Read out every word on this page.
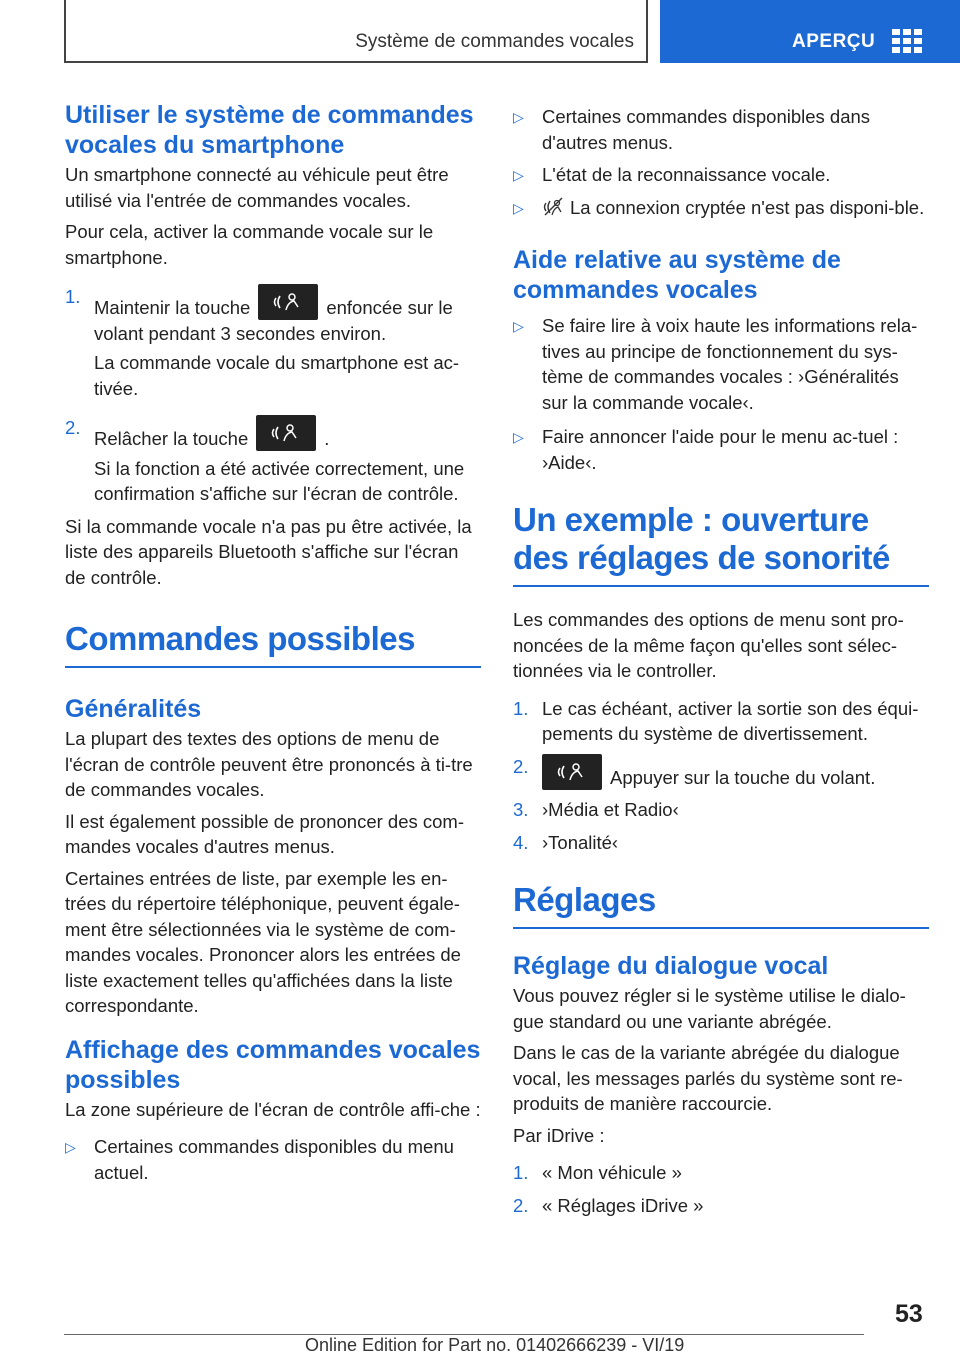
Système de commandes vocales	APERÇU
Utiliser le système de commandes vocales du smartphone

Un smartphone connecté au véhicule peut être utilisé via l'entrée de commandes vocales.

Pour cela, activer la commande vocale sur le smartphone.

1.
Maintenir la touche	enfoncée sur le volant pendant 3 secondes environ.
La commande vocale du smartphone est ac-tivée.
2.
Relâcher la touche	.
Si la fonction a été activée correctement, une confirmation s'affiche sur l'écran de contrôle.

Si la commande vocale n'a pas pu être activée, la liste des appareils Bluetooth s'affiche sur l'écran de contrôle.

Commandes possibles
Généralités

La plupart des textes des options de menu de l'écran de contrôle peuvent être prononcés à ti-tre de commandes vocales.

Il est également possible de prononcer des com-mandes vocales d'autres menus.

Certaines entrées de liste, par exemple les en-trées du répertoire téléphonique, peuvent égale-ment être sélectionnées via le système de com-mandes vocales. Prononcer alors les entrées de liste exactement telles qu'affichées dans la liste correspondante.

Affichage des commandes vocales possibles

La zone supérieure de l'écran de contrôle affi-che :

▷ Certaines commandes disponibles du menu actuel.
▷ Certaines commandes disponibles dans d'autres menus.
▷ L'état de la reconnaissance vocale.
▷ La connexion cryptée n'est pas disponi-ble.
Aide relative au système de commandes vocales
▷ Se faire lire à voix haute les informations rela-tives au principe de fonctionnement du sys-tème de commandes vocales : ›Généralités sur la commande vocale‹.
▷ Faire annoncer l'aide pour le menu ac-tuel : ›Aide‹.
Un exemple : ouverture des réglages de sonorité

Les commandes des options de menu sont pro-noncées de la même façon qu'elles sont sélec-tionnées via le controller.

1. Le cas échéant, activer la sortie son des équi-pements du système de divertissement.
2.
Appuyer sur la touche du volant.
3. ›Média et Radio‹
4. ›Tonalité‹
Réglages
Réglage du dialogue vocal

Vous pouvez régler si le système utilise le dialo-gue standard ou une variante abrégée.

Dans le cas de la variante abrégée du dialogue vocal, les messages parlés du système sont re-produits de manière raccourcie.

Par iDrive :

1. « Mon véhicule »
2. « Réglages iDrive »
53
Online Edition for Part no. 01402666239 - VI/19
